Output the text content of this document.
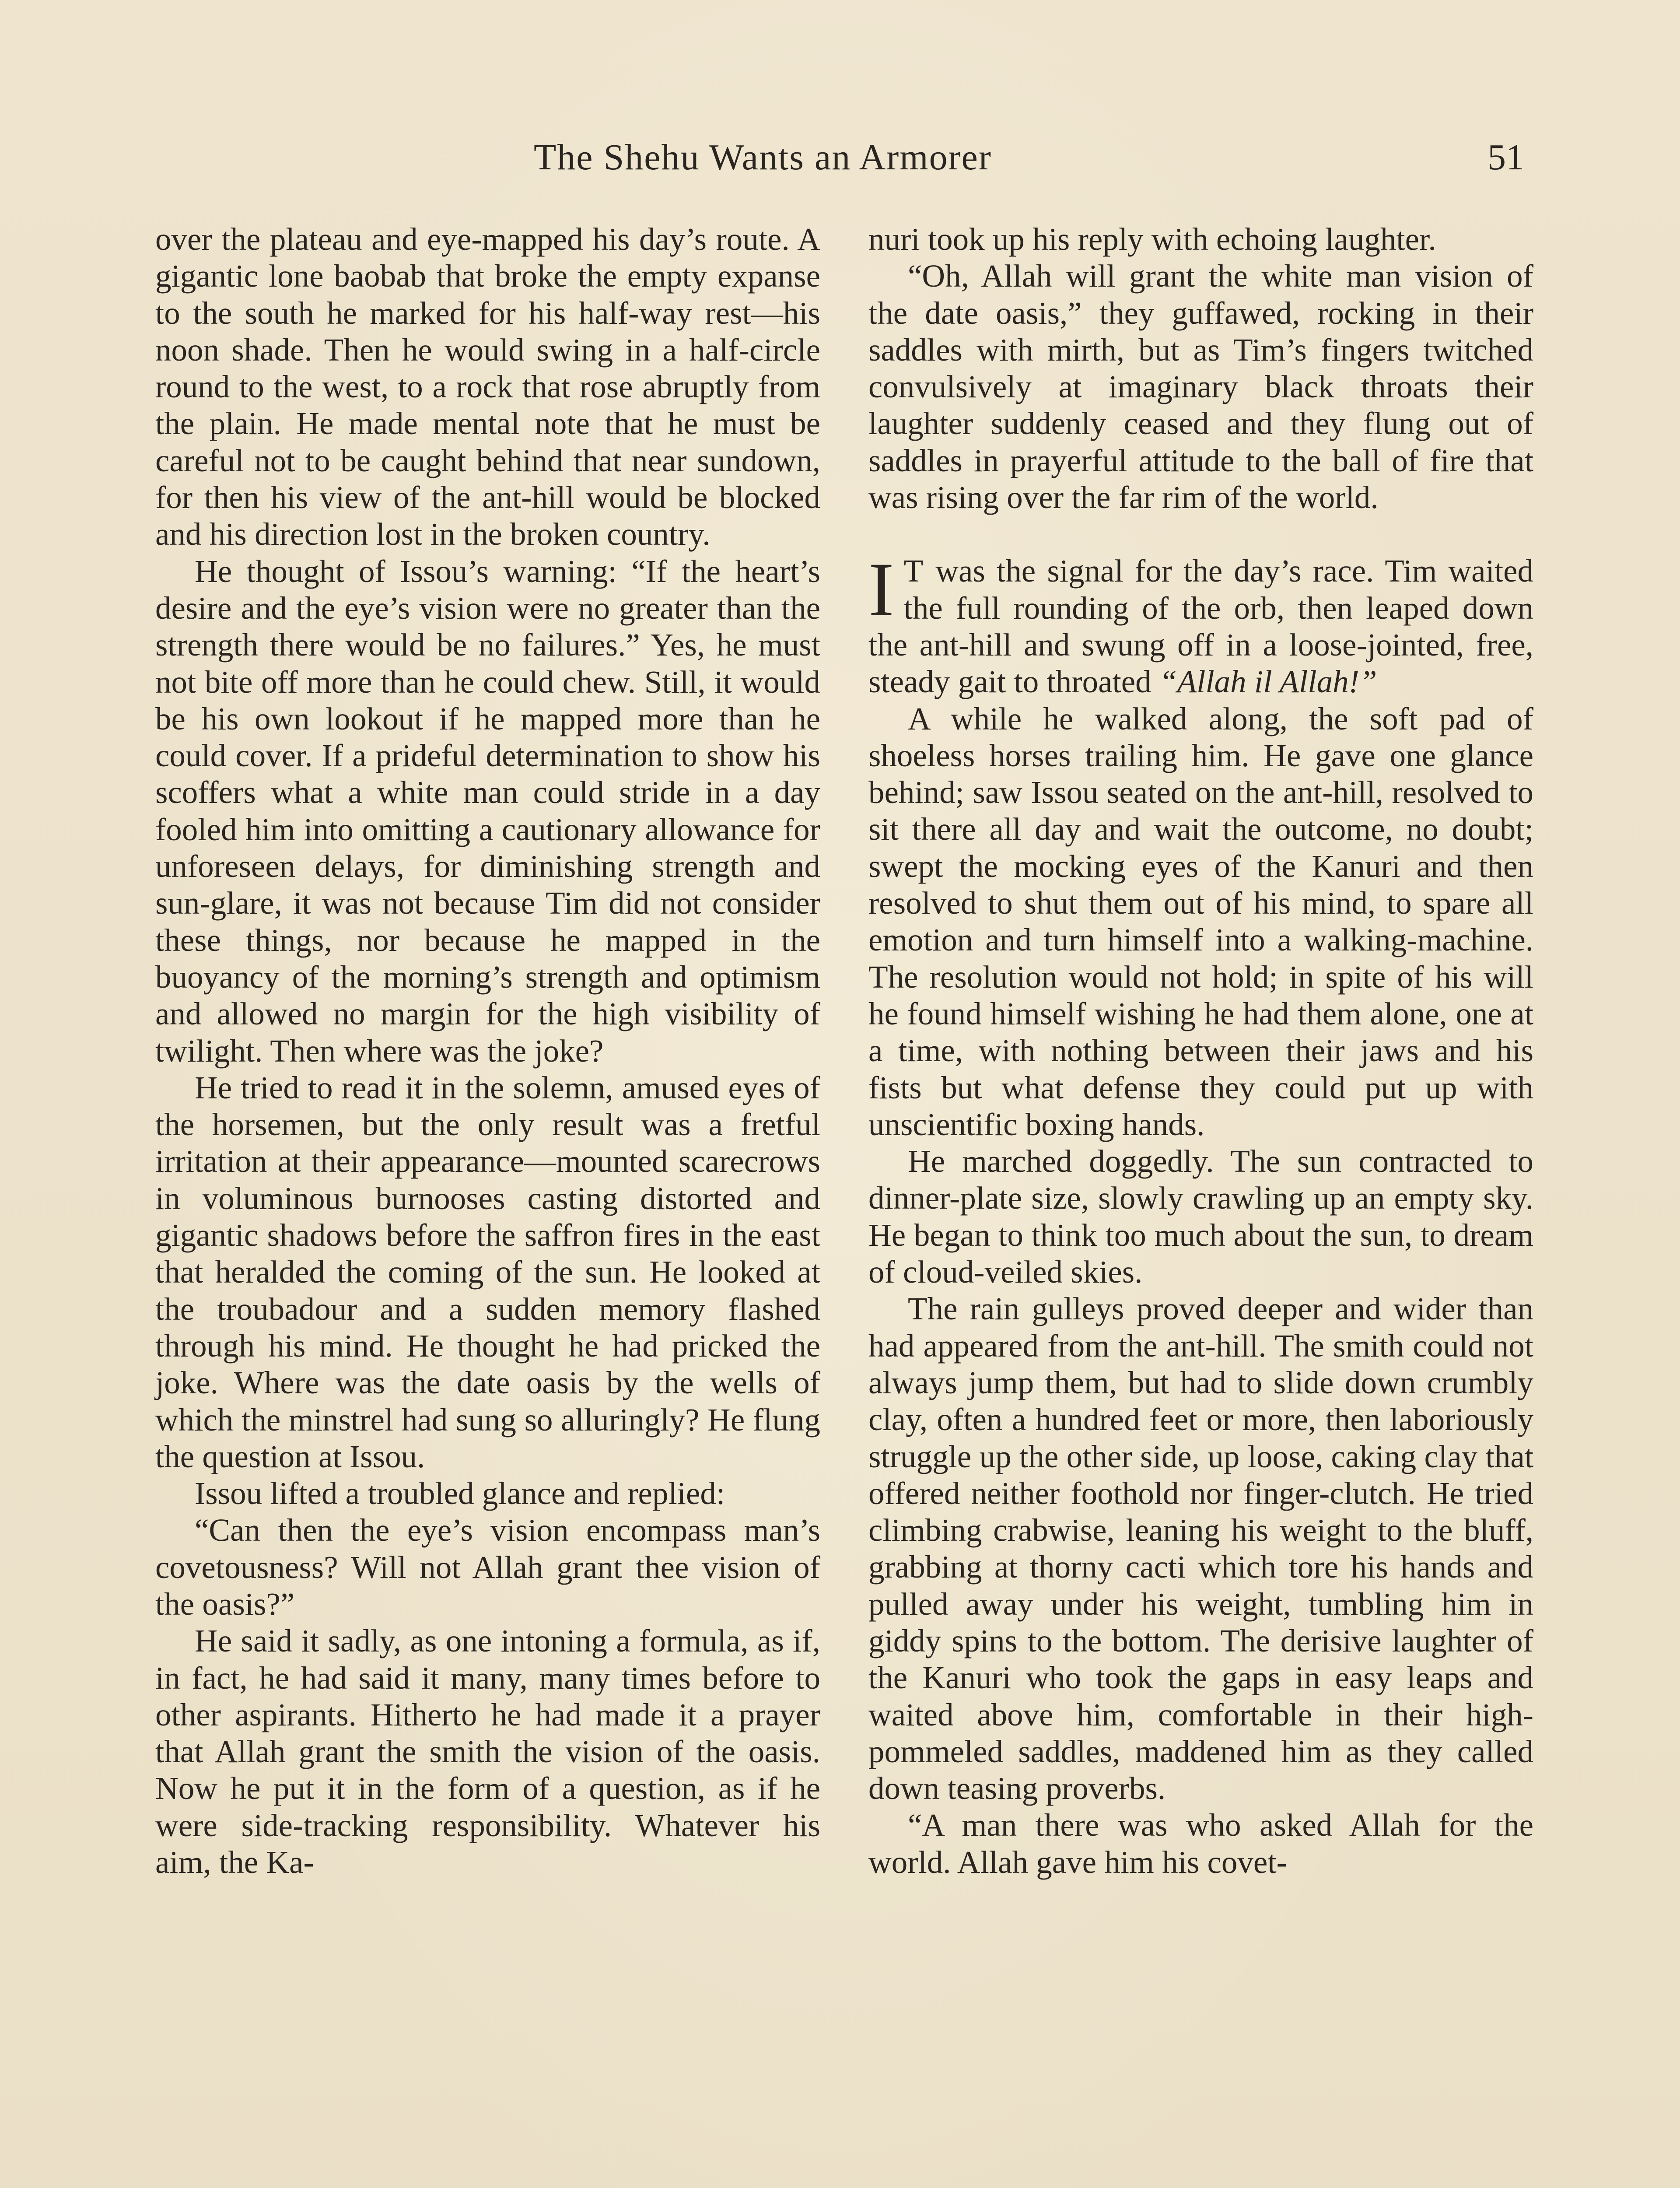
The Shehu Wants an Armorer	51

over the plateau and eye-mapped his day’s route. A gigantic lone baobab that broke the empty expanse to the south he marked for his half-way rest—his noon shade. Then he would swing in a half-circle round to the west, to a rock that rose abruptly from the plain. He made mental note that he must be careful not to be caught behind that near sundown, for then his view of the ant-hill would be blocked and his direction lost in the broken country.

He thought of Issou’s warning: “If the heart’s desire and the eye’s vision were no greater than the strength there would be no failures.” Yes, he must not bite off more than he could chew. Still, it would be his own lookout if he mapped more than he could cover. If a prideful determination to show his scoffers what a white man could stride in a day fooled him into omitting a cautionary allowance for unforeseen delays, for diminishing strength and sun-glare, it was not because Tim did not consider these things, nor because he mapped in the buoyancy of the morning’s strength and optimism and allowed no margin for the high visibility of twilight. Then where was the joke?

He tried to read it in the solemn, amused eyes of the horsemen, but the only result was a fretful irritation at their appearance—mounted scarecrows in voluminous burnooses casting distorted and gigantic shadows before the saffron fires in the east that heralded the coming of the sun. He looked at the troubadour and a sudden memory flashed through his mind. He thought he had pricked the joke. Where was the date oasis by the wells of which the minstrel had sung so alluringly? He flung the question at Issou.

Issou lifted a troubled glance and replied:

“Can then the eye’s vision encompass man’s covetousness? Will not Allah grant thee vision of the oasis?”

He said it sadly, as one intoning a formula, as if, in fact, he had said it many, many times before to other aspirants. Hitherto he had made it a prayer that Allah grant the smith the vision of the oasis. Now he put it in the form of a question, as if he were side-tracking responsibility. Whatever his aim, the Ka-

nuri took up his reply with echoing laughter.

“Oh, Allah will grant the white man vision of the date oasis,” they guffawed, rocking in their saddles with mirth, but as Tim’s fingers twitched convulsively at imaginary black throats their laughter suddenly ceased and they flung out of saddles in prayerful attitude to the ball of fire that was rising over the far rim of the world.

I T was the signal for the day’s race. Tim waited the full rounding of the orb, then leaped down the ant-hill and swung off in a loose-jointed, free, steady gait to throated “Allah il Allah!”

A while he walked along, the soft pad of shoeless horses trailing him. He gave one glance behind; saw Issou seated on the ant-hill, resolved to sit there all day and wait the outcome, no doubt; swept the mocking eyes of the Kanuri and then resolved to shut them out of his mind, to spare all emotion and turn himself into a walking-machine. The resolution would not hold; in spite of his will he found himself wishing he had them alone, one at a time, with nothing between their jaws and his fists but what defense they could put up with unscientific boxing hands.

He marched doggedly. The sun contracted to dinner-plate size, slowly crawling up an empty sky. He began to think too much about the sun, to dream of cloud-veiled skies.

The rain gulleys proved deeper and wider than had appeared from the ant-hill. The smith could not always jump them, but had to slide down crumbly clay, often a hundred feet or more, then laboriously struggle up the other side, up loose, caking clay that offered neither foothold nor finger-clutch. He tried climbing crabwise, leaning his weight to the bluff, grabbing at thorny cacti which tore his hands and pulled away under his weight, tumbling him in giddy spins to the bottom. The derisive laughter of the Kanuri who took the gaps in easy leaps and waited above him, comfortable in their high-pommeled saddles, maddened him as they called down teasing proverbs.

“A man there was who asked Allah for the world. Allah gave him his covet-
